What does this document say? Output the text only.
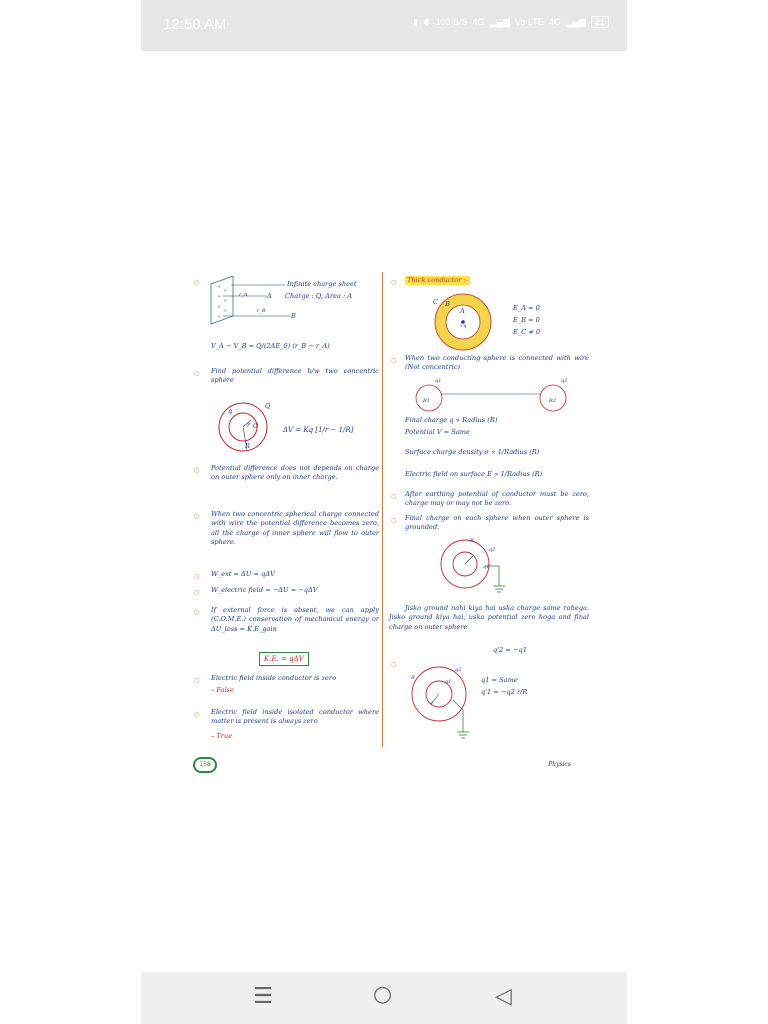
12:50 AM	▮ ✱ 103 B/S 4G ▂▄▆ Vo LTE 4G ▂▄▆	21
○
+
+
+
+
+
+
+
Infinite charge sheet
Charge : Q, Area : A
r_A	A
r_B
B
V_A − V_B = Q/(2AE_0) (r_B − r_A)
○ Find potential difference b/w two concentric sphere
q
Q
r O
R
ΔV = Kq [1/r − 1/R]
○ Potential difference does not depends on charge on outer sphere only on inner charge.
○ When two concentric spherical charge connected with wire the potential difference becomes zero, all the charge of inner sphere will flow to outer sphere.
○ W_ext = ΔU = qΔV
○ W_electric field = −ΔU = −qΔV
○ If external force is absent, we can apply (C.O.M.E.) conservation of mechanical energy or ΔU_loss = K.E_gain
K.E. = qΔV
○ Electric field inside conductor is zero
– False
○ Electric field inside isolated conductor where matter is present is always zero
– True
○	Thick conductor :-
C B
A
+q
E_A = 0
E_B = 0
E_C ≠ 0
○ When two conducting sphere is connected with wire (Not concentric)
q1	q2
R1	R2
Final charge q ∝ Radius (R)
Potential V = Same
Surface charge density σ ∝ 1/Radius (R)
Electric field on surface E ∝ 1/Radius (R)
○ After earthing potential of conductor must be zero, charge may or may not be zero.
○ Final charge on each sphere when outer sphere is grounded.
R
q2
q1
Jisko ground nahi kiya hai uska charge same rahega. Jisko ground kiya hai, uska potential zero hoga and final charge on outer sphere
q'2 = −q1
○
R
q1
q2
r
q1 = Same
q'1 = −q2 r/R
158	Physics
☰	○	◁
